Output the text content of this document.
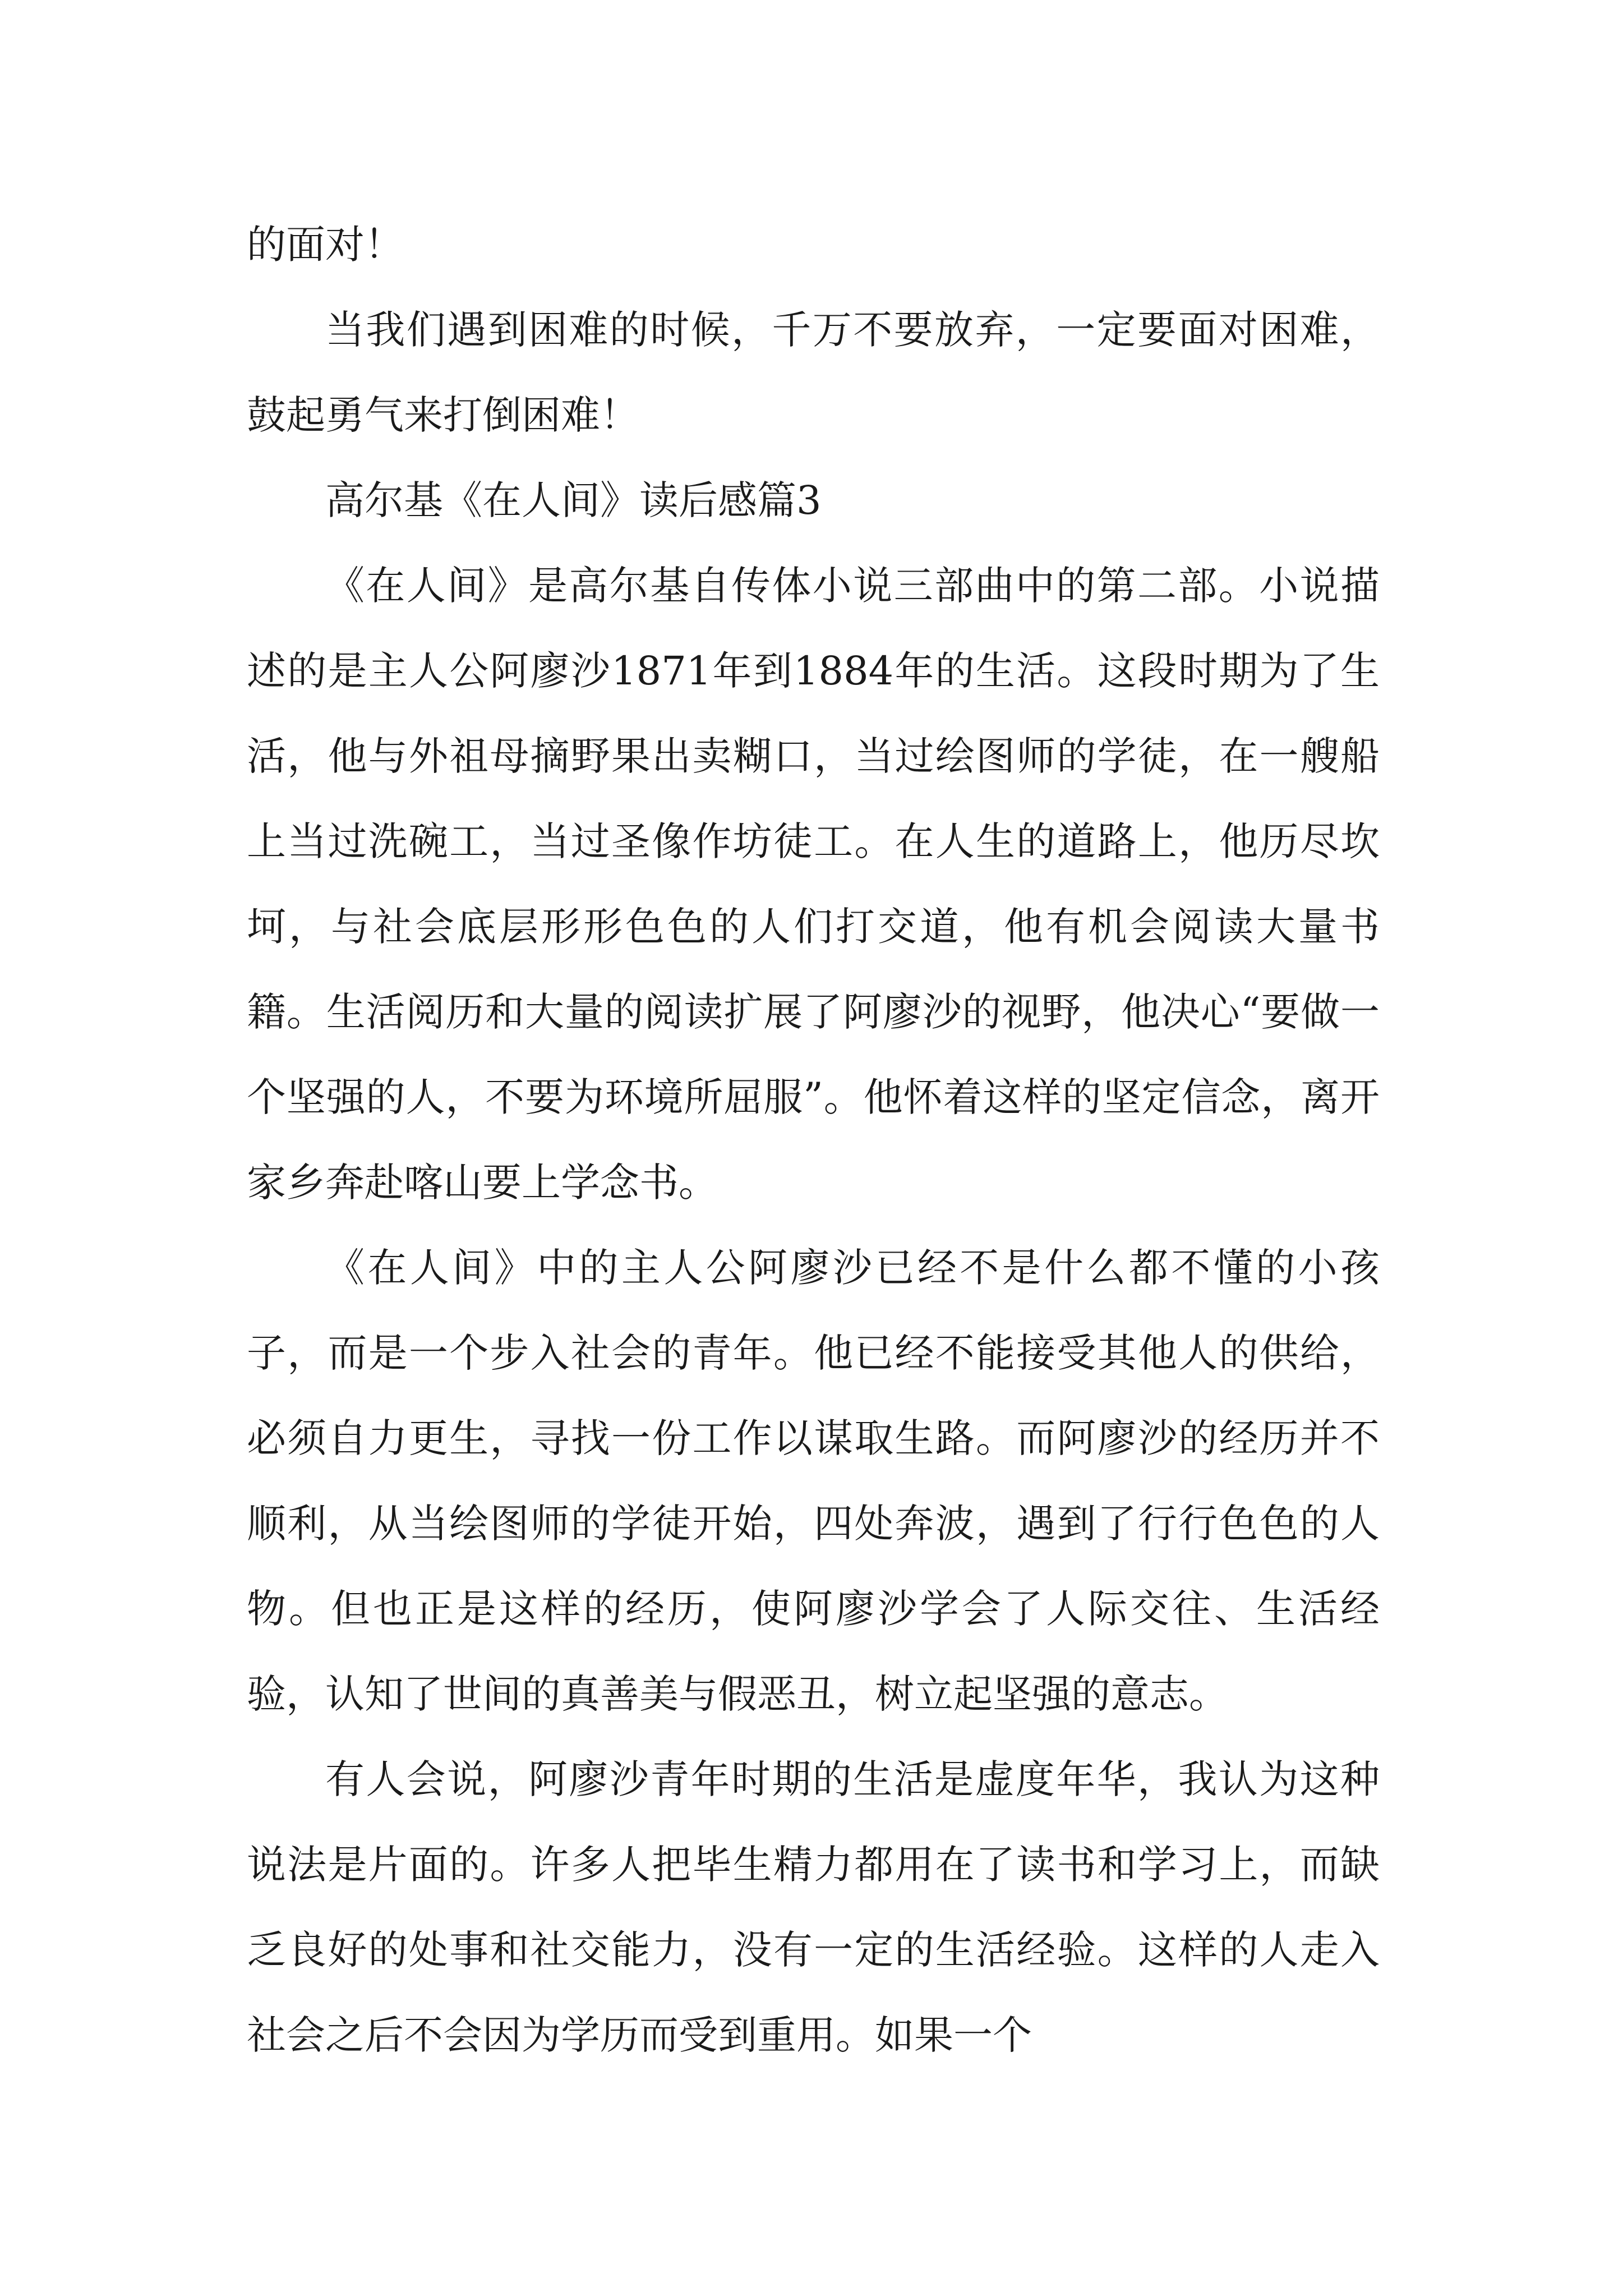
的面对！

当我们遇到困难的时候，千万不要放弃，一定要面对困难，鼓起勇气来打倒困难！

高尔基《在人间》读后感篇3

《在人间》是高尔基自传体小说三部曲中的第二部。小说描述的是主人公阿廖沙1871年到1884年的生活。这段时期为了生活，他与外祖母摘野果出卖糊口，当过绘图师的学徒，在一艘船上当过洗碗工，当过圣像作坊徒工。在人生的道路上，他历尽坎坷，与社会底层形形色色的人们打交道，他有机会阅读大量书籍。生活阅历和大量的阅读扩展了阿廖沙的视野，他决心“要做一个坚强的人，不要为环境所屈服”。他怀着这样的坚定信念，离开家乡奔赴喀山要上学念书。

《在人间》中的主人公阿廖沙已经不是什么都不懂的小孩子，而是一个步入社会的青年。他已经不能接受其他人的供给，必须自力更生，寻找一份工作以谋取生路。而阿廖沙的经历并不顺利，从当绘图师的学徒开始，四处奔波，遇到了行行色色的人物。但也正是这样的经历，使阿廖沙学会了人际交往、生活经验，认知了世间的真善美与假恶丑，树立起坚强的意志。

有人会说，阿廖沙青年时期的生活是虚度年华，我认为这种说法是片面的。许多人把毕生精力都用在了读书和学习上，而缺乏良好的处事和社交能力，没有一定的生活经验。这样的人走入社会之后不会因为学历而受到重用。如果一个
